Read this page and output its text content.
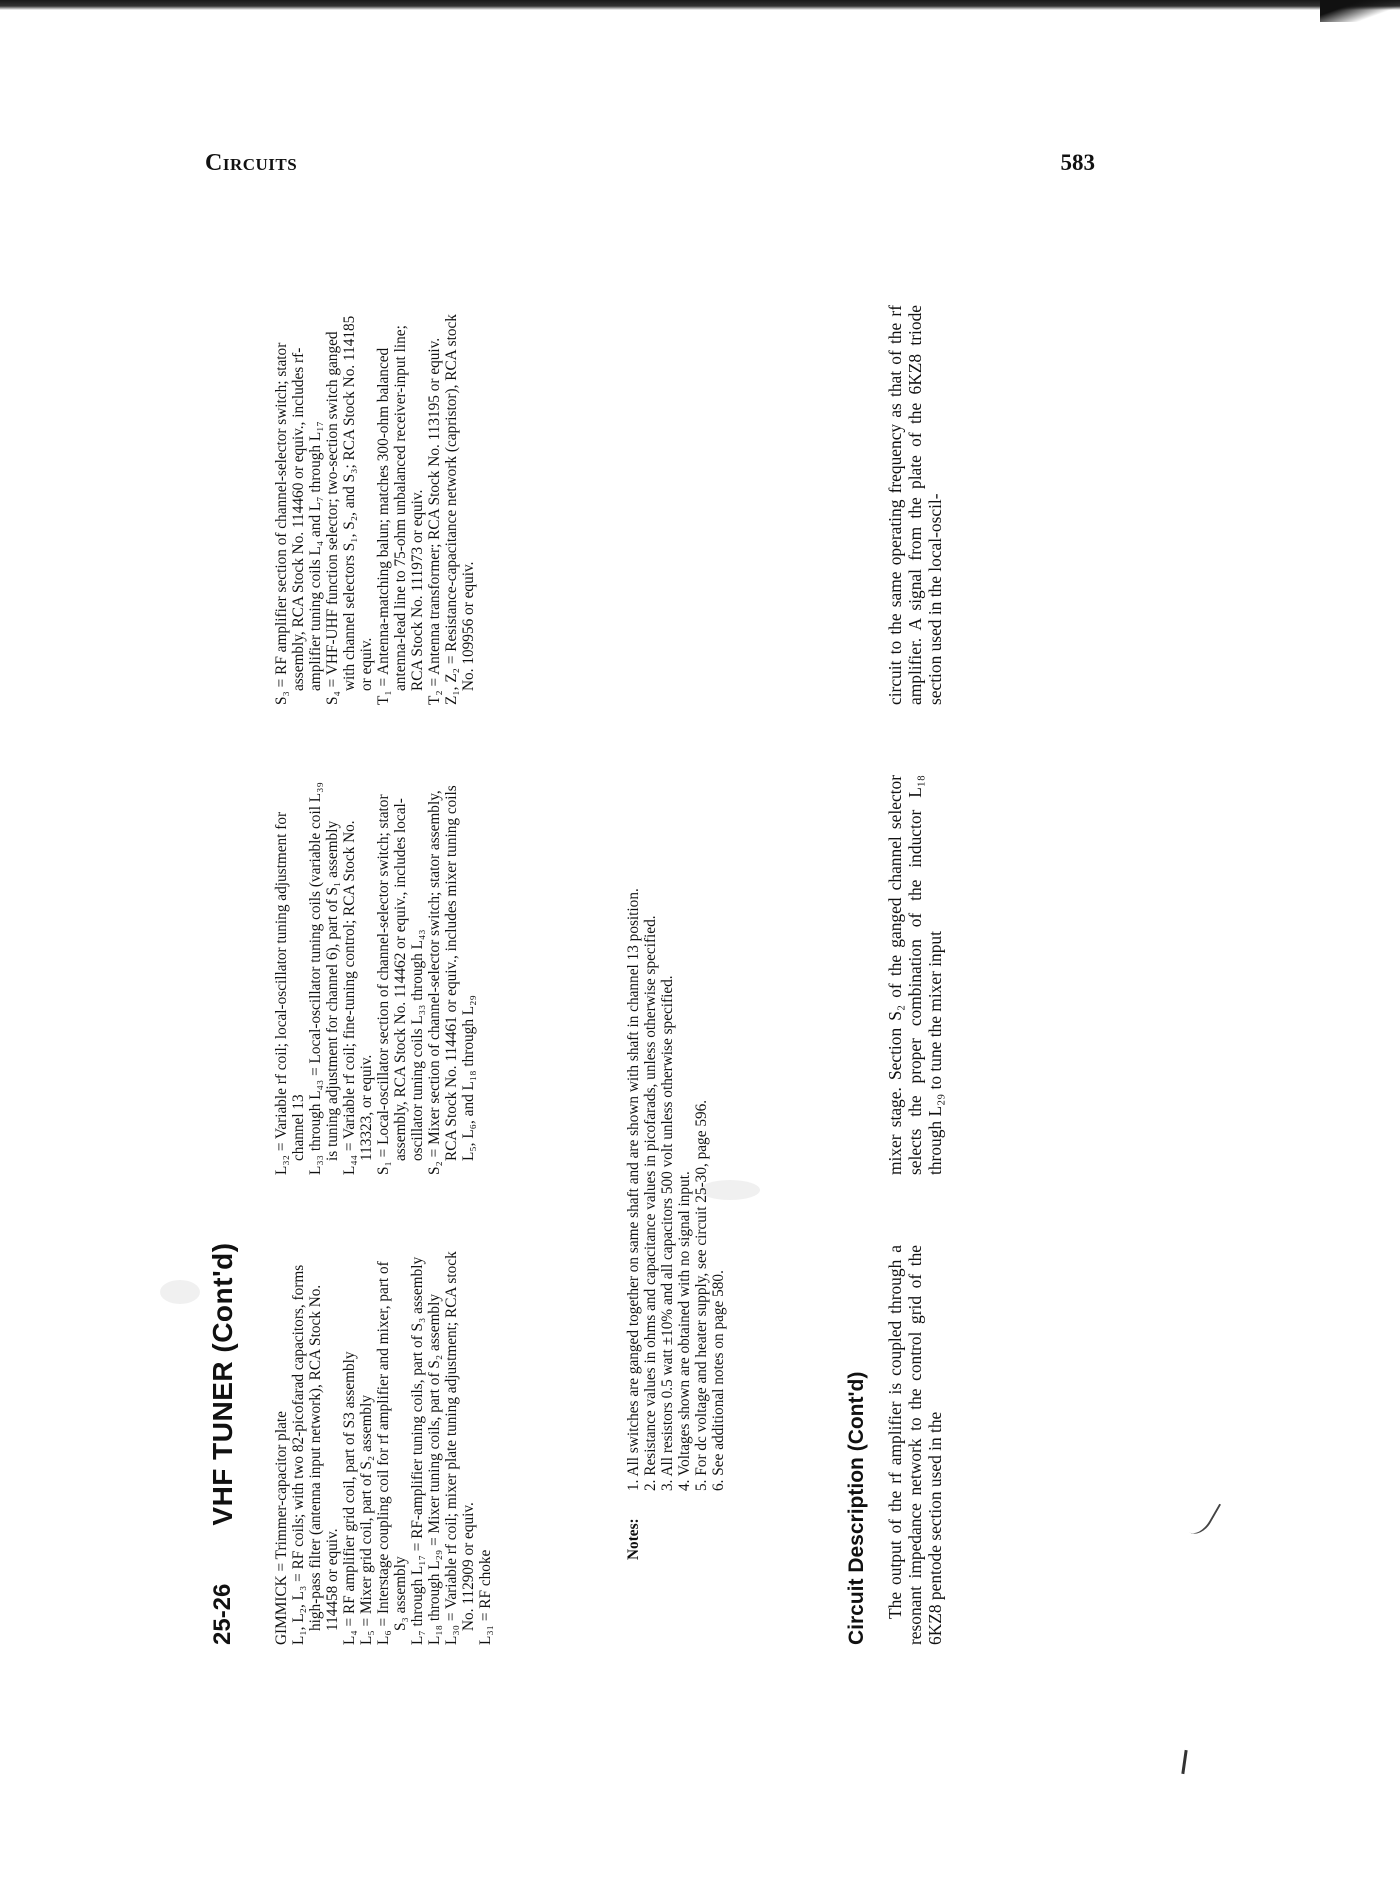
Circuits	583
25-26
VHF TUNER (Cont'd)

GIMMICK = Trimmer-capacitor plate L₁, L₂, L₃ = RF coils; with two 82-picofarad capacitors, forms high-pass filter (antenna input network), RCA Stock No. 114458 or equiv. L₄ = RF amplifier grid coil, part of S3 assembly L₅ = Mixer grid coil, part of S₂ assembly L₆ = Interstage coupling coil for rf amplifier and mixer, part of S₃ assembly L₇ through L₁₇ = RF-amplifier tuning coils, part of S₃ assembly L₁₈ through L₂₉ = Mixer tuning coils, part of S₂ assembly L₃₀ = Variable rf coil; mixer plate tuning adjustment; RCA stock No. 112909 or equiv. L₃₁ = RF choke

L₃₂ = Variable rf coil; local-oscillator tuning adjustment for channel 13 L₃₃ through L₄₃ = Local-oscillator tuning coils (variable coil L₃₉ is tuning adjustment for channel 6), part of S₁ assembly L₄₄ = Variable rf coil; fine-tuning control; RCA Stock No. 113323, or equiv. S₁ = Local-oscillator section of channel-selector switch; stator assembly, RCA Stock No. 114462 or equiv., includes local-oscillator tuning coils L₃₃ through L₄₃ S₂ = Mixer section of channel-selector switch; stator assembly, RCA Stock No. 114461 or equiv., includes mixer tuning coils L₅, L₆, and L₁₈ through L₂₉

S₃ = RF amplifier section of channel-selector switch; stator assembly, RCA Stock No. 114460 or equiv., includes rf-amplifier tuning coils L₄ and L₇ through L₁₇ S₄ = VHF-UHF function selector; two-section switch ganged with channel selectors S₁, S₂, and S₃; RCA Stock No. 114185 or equiv. T₁ = Antenna-matching balun; matches 300-ohm balanced antenna-lead line to 75-ohm unbalanced receiver-input line; RCA Stock No. 111973 or equiv. T₂ = Antenna transformer; RCA Stock No. 113195 or equiv. Z₁, Z₂ = Resistance-capacitance network (capristor), RCA stock No. 109956 or equiv.

Notes:
1. All switches are ganged together on same shaft and are shown with shaft in channel 13 position. 2. Resistance values in ohms and capacitance values in picofarads, unless otherwise specified. 3. All resistors 0.5 watt ±10% and all capacitors 500 volt unless otherwise specified. 4. Voltages shown are obtained with no signal input. 5. For dc voltage and heater supply, see circuit 25-30, page 596. 6. See additional notes on page 580.	Circuit Description (Cont'd) The output of the rf amplifier is coupled through a resonant impedance network to the control grid of the 6KZ8 pentode section used in the
mixer stage. Section S₂ of the ganged channel selector selects the proper combination of the inductor L₁₈ through L₂₉ to tune the mixer input
circuit to the same operating frequency as that of the rf amplifier. A signal from the plate of the 6KZ8 triode section used in the local-oscil-
